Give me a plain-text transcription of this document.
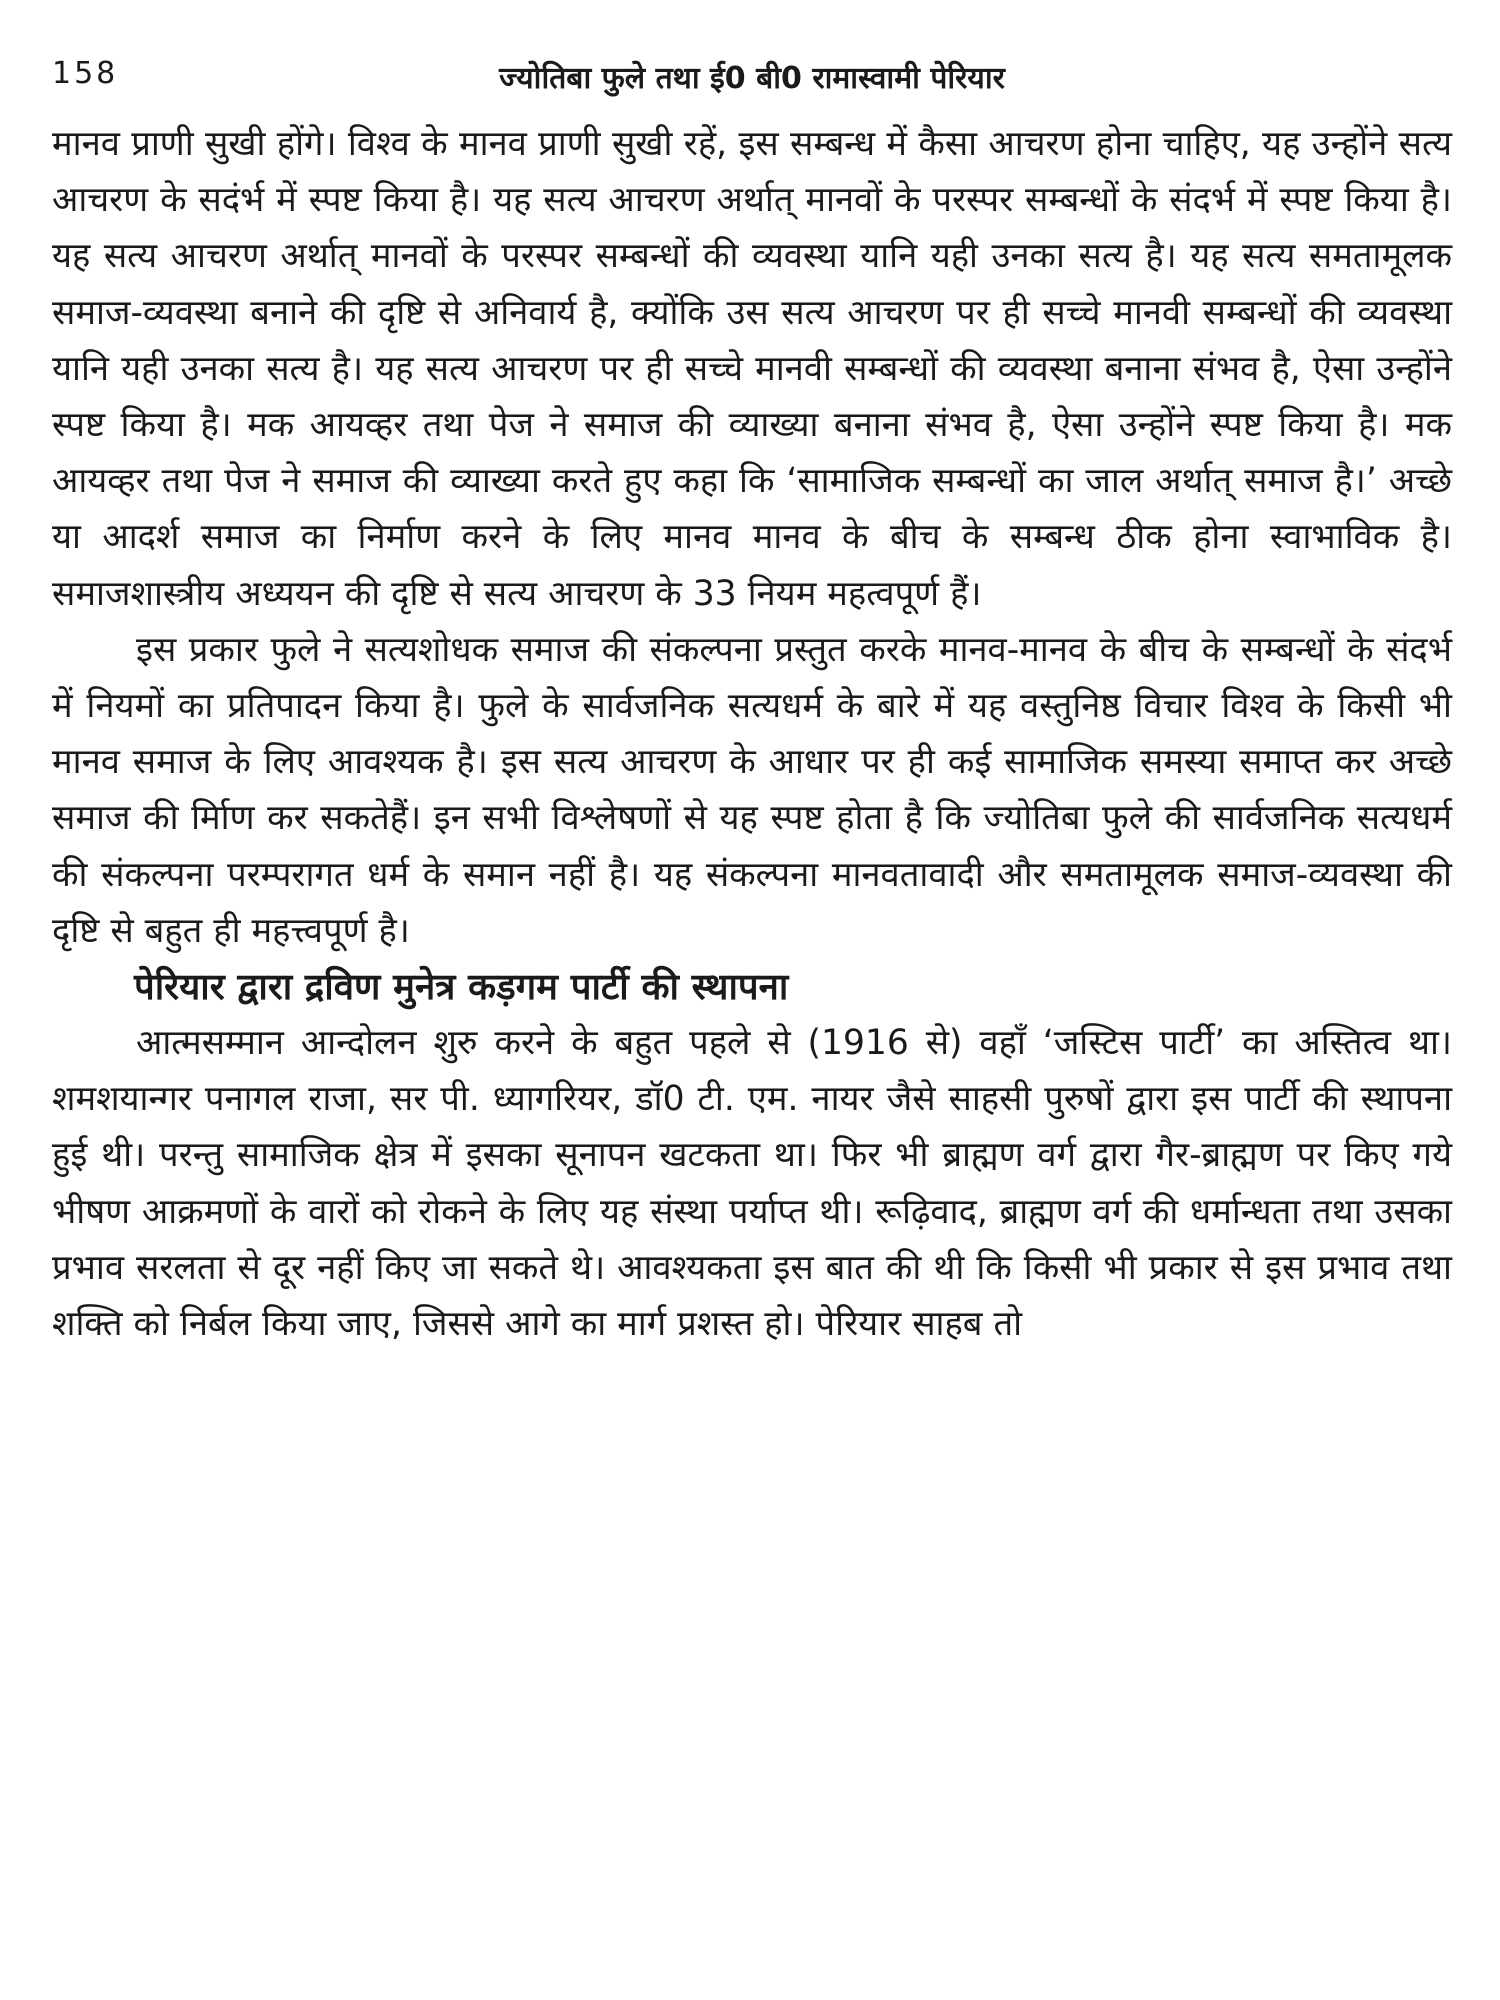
158	ज्योतिबा फुले तथा ई0 बी0 रामास्वामी पेरियार

मानव प्राणी सुखी होंगे। विश्व के मानव प्राणी सुखी रहें, इस सम्बन्ध में कैसा आचरण होना चाहिए, यह उन्होंने सत्य आचरण के सदंर्भ में स्पष्ट किया है। यह सत्य आचरण अर्थात् मानवों के परस्पर सम्बन्धों के संदर्भ में स्पष्ट किया है। यह सत्य आचरण अर्थात् मानवों के परस्पर सम्बन्धों की व्यवस्था यानि यही उनका सत्य है। यह सत्य समतामूलक समाज-व्यवस्था बनाने की दृष्टि से अनिवार्य है, क्योंकि उस सत्य आचरण पर ही सच्चे मानवी सम्बन्धों की व्यवस्था यानि यही उनका सत्य है। यह सत्य आचरण पर ही सच्चे मानवी सम्बन्धों की व्यवस्था बनाना संभव है, ऐसा उन्होंने स्पष्ट किया है। मक आयव्हर तथा पेज ने समाज की व्याख्या बनाना संभव है, ऐसा उन्होंने स्पष्ट किया है। मक आयव्हर तथा पेज ने समाज की व्याख्या करते हुए कहा कि ‘सामाजिक सम्बन्धों का जाल अर्थात् समाज है।’ अच्छे या आदर्श समाज का निर्माण करने के लिए मानव मानव के बीच के सम्बन्ध ठीक होना स्वाभाविक है। समाजशास्त्रीय अध्ययन की दृष्टि से सत्य आचरण के 33 नियम महत्वपूर्ण हैं।

इस प्रकार फुले ने सत्यशोधक समाज की संकल्पना प्रस्तुत करके मानव-मानव के बीच के सम्बन्धों के संदर्भ में नियमों का प्रतिपादन किया है। फुले के सार्वजनिक सत्यधर्म के बारे में यह वस्तुनिष्ठ विचार विश्व के किसी भी मानव समाज के लिए आवश्यक है। इस सत्य आचरण के आधार पर ही कई सामाजिक समस्या समाप्त कर अच्छे समाज की र्मिाण कर सकतेहैं। इन सभी विश्लेषणों से यह स्पष्ट होता है कि ज्योतिबा फुले की सार्वजनिक सत्यधर्म की संकल्पना परम्परागत धर्म के समान नहीं है। यह संकल्पना मानवतावादी और समतामूलक समाज-व्यवस्था की दृष्टि से बहुत ही महत्त्वपूर्ण है।

पेरियार द्वारा द्रविण मुनेत्र कड़गम पार्टी की स्थापना

आत्मसम्मान आन्दोलन शुरु करने के बहुत पहले से (1916 से) वहाँ ‘जस्टिस पार्टी’ का अस्तित्व था। शमशयान्गर पनागल राजा, सर पी. ध्यागरियर, डॉ0 टी. एम. नायर जैसे साहसी पुरुषों द्वारा इस पार्टी की स्थापना हुई थी। परन्तु सामाजिक क्षेत्र में इसका सूनापन खटकता था। फिर भी ब्राह्मण वर्ग द्वारा गैर-ब्राह्मण पर किए गये भीषण आक्रमणों के वारों को रोकने के लिए यह संस्था पर्याप्त थी। रूढ़िवाद, ब्राह्मण वर्ग की धर्मान्धता तथा उसका प्रभाव सरलता से दूर नहीं किए जा सकते थे। आवश्यकता इस बात की थी कि किसी भी प्रकार से इस प्रभाव तथा शक्ति को निर्बल किया जाए, जिससे आगे का मार्ग प्रशस्त हो। पेरियार साहब तो
